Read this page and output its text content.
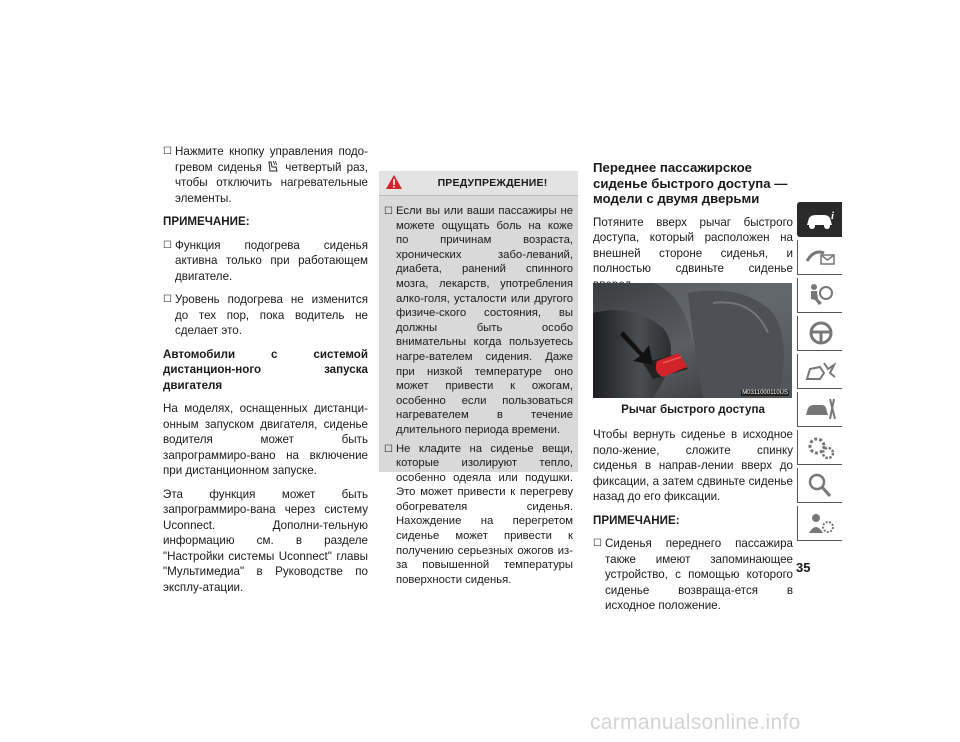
☐ Нажмите кнопку управления подо-гревом сиденья четвертый раз, чтобы отключить нагревательные элементы.
ПРИМЕЧАНИЕ:
☐ Функция подогрева сиденья активна только при работающем двигателе.
☐ Уровень подогрева не изменится до тех пор, пока водитель не сделает это.
Автомобили с системой дистанцион-ного запуска двигателя
На моделях, оснащенных дистанци-онным запуском двигателя, сиденье водителя может быть запрограммиро-вано на включение при дистанционном запуске.
Эта функция может быть запрограммиро-вана через систему Uconnect. Дополни-тельную информацию см. в разделе "Настройки системы Uconnect" главы "Мультимедиа" в Руководстве по эксплу-атации.
ПРЕДУПРЕЖДЕНИЕ!
☐ Если вы или ваши пассажиры не можете ощущать боль на коже по причинам возраста, хронических забо-леваний, диабета, ранений спинного мозга, лекарств, употребления алко-голя, усталости или другого физиче-ского состояния, вы должны быть особо внимательны когда пользуетесь нагре-вателем сидения. Даже при низкой температуре оно может привести к ожогам, особенно если пользоваться нагревателем в течение длительного периода времени.
☐ Не кладите на сиденье вещи, которые изолируют тепло, особенно одеяла или подушки. Это может привести к перегреву обогревателя сиденья. Нахождение на перегретом сиденье может привести к получению серьезных ожогов из-за повышенной температуры поверхности сиденья.
Переднее пассажирское сиденье быстрого доступа — модели с двумя дверьми
Потяните вверх рычаг быстрого доступа, который расположен на внешней стороне сиденья, и полностью сдвиньте сиденье
M0311000110US
Рычаг быстрого доступа
Чтобы вернуть сиденье в исходное поло-жение, сложите спинку сиденья в направ-лении вверх до фиксации, а затем сдвиньте сиденье назад до его фиксации.
ПРИМЕЧАНИЕ:
☐ Сиденья переднего пассажира также имеют запоминающее устройство, с помощью которого сиденье возвраща-ется в исходное положение.
i
35
carmanualsonline.info
